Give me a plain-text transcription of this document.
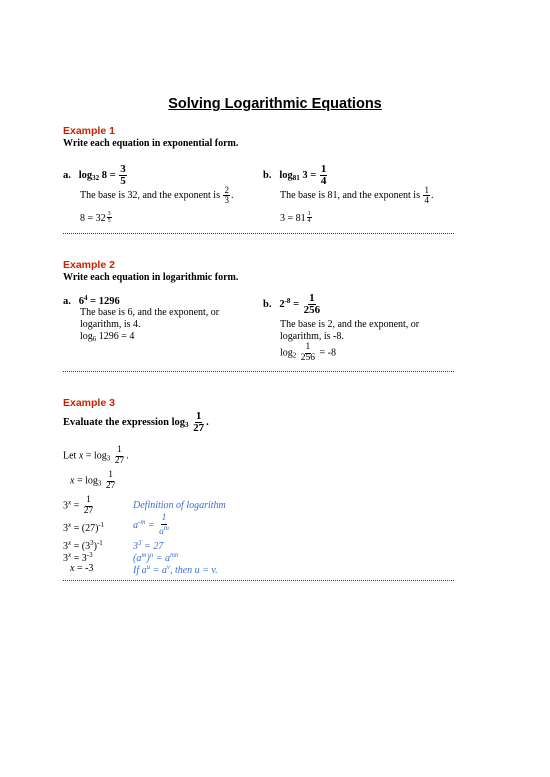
Solving Logarithmic Equations
Example 1
Write each equation in exponential form.
a. $\log_{32} 8 = \frac{3}{5}$
The base is 32, and the exponent is $\frac{2}{3}$ .
$8 = 32 \frac{3}{5}$
b. $\log_{81} 3 = \frac{1}{4}$
The base is 81, and the exponent is $\frac{1}{4}$ .
$3 = 81 \frac{1}{4}$
Example 2
Write each equation in logarithmic form.
a. $6^4 = 1296$
The base is 6, and the exponent, or
logarithm, is 4.
$\log_6 1296 = 4$
b. $2^{-8} = \frac{1}{256}$
The base is 2, and the exponent, or
logarithm, is -8.
$\log_2 \frac{1}{256} = -8$
Example 3
Evaluate the expression $\log_3 \frac{1}{27}$ .
Let $x = \log_3 \frac{1}{27}$ .
$x = \log_3 \frac{1}{27}$
$3^x = \frac{1}{27}$	Definition of logarithm
$3^x = (27)^{-1}$	$a^{-m} = \frac{1}{a^m}$
$3^x = (3^3)^{-1}$	$3^3 = 27$
$3^x = 3^{-3}$	$(a^m)^n = a^{mn}$
x = -3	If $a^u = a^v$, then u = v.
